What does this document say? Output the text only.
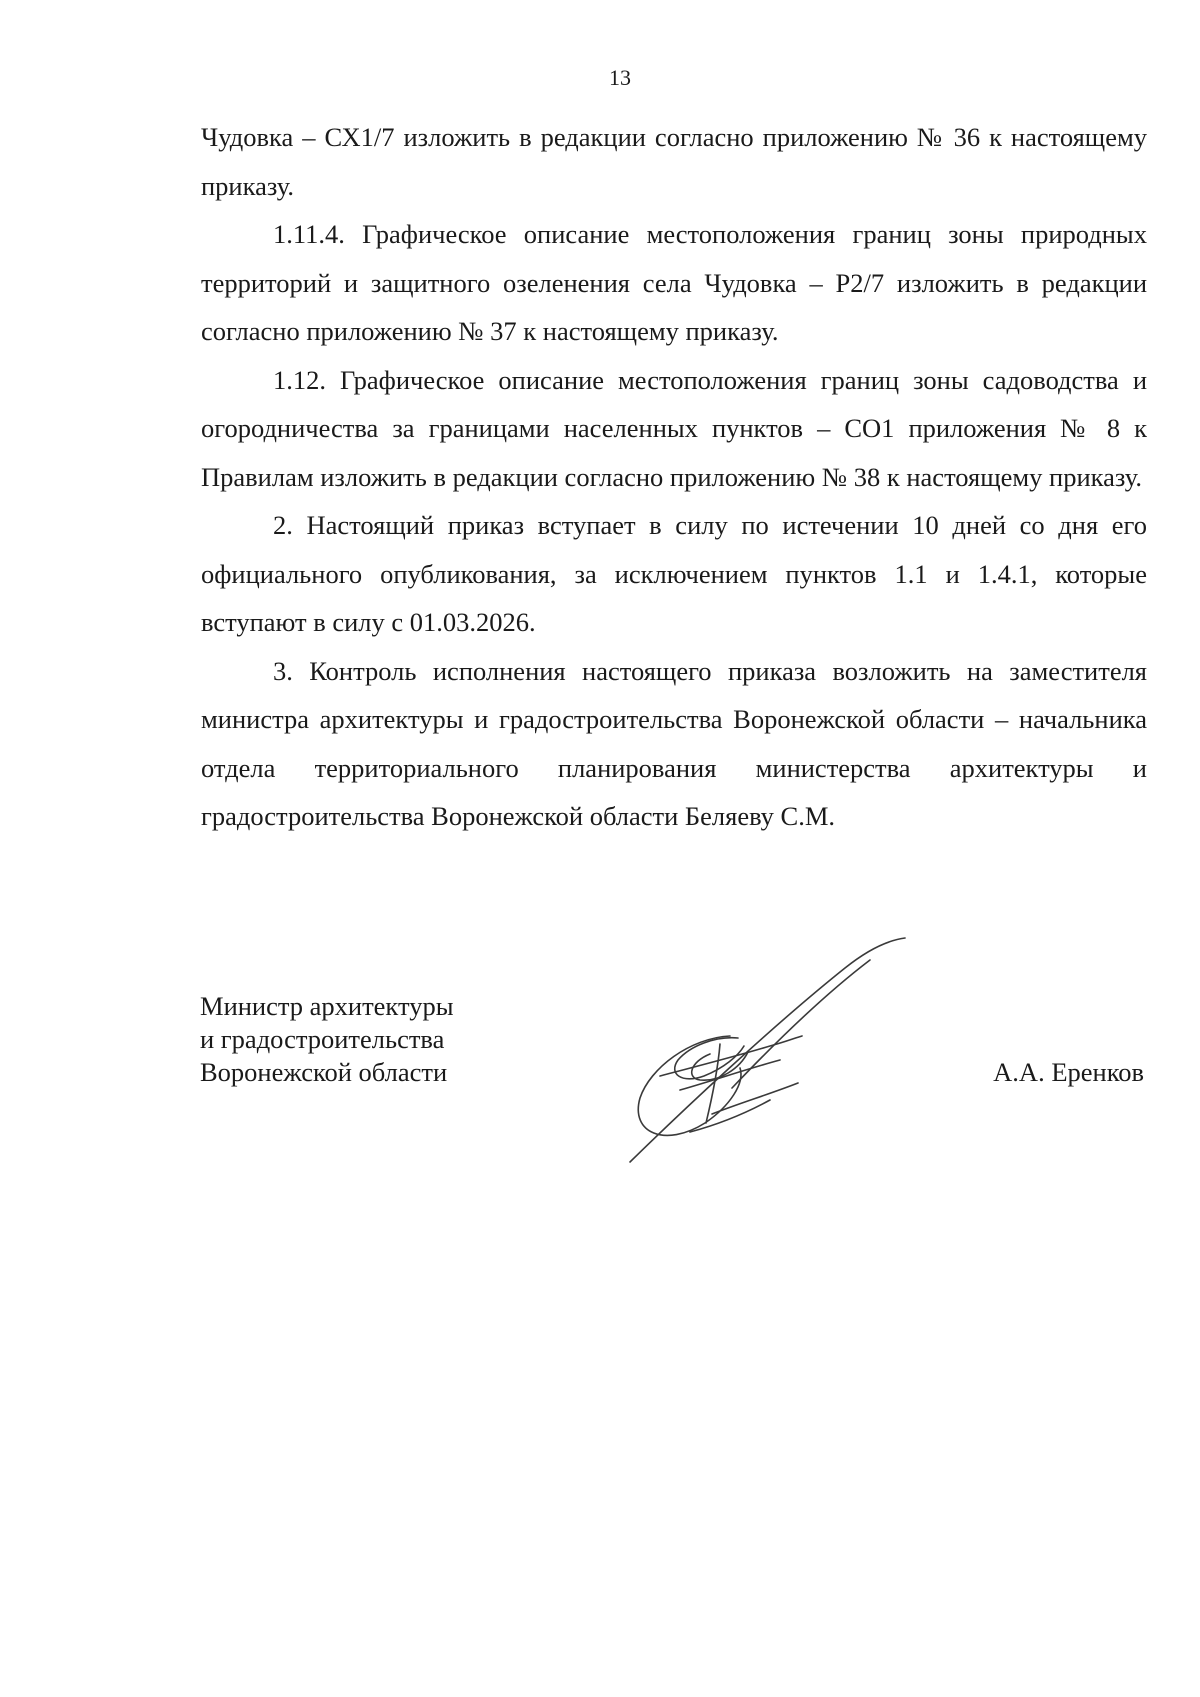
13

Чудовка – СХ1/7 изложить в редакции согласно приложению № 36 к настоящему приказу.

1.11.4. Графическое описание местоположения границ зоны природных территорий и защитного озеленения села Чудовка – Р2/7 изложить в редакции согласно приложению № 37 к настоящему приказу.

1.12. Графическое описание местоположения границ зоны садоводства и огородничества за границами населенных пунктов – СО1 приложения № 8 к Правилам изложить в редакции согласно приложению № 38 к настоящему приказу.

2. Настоящий приказ вступает в силу по истечении 10 дней со дня его официального опубликования, за исключением пунктов 1.1 и 1.4.1, которые вступают в силу с 01.03.2026.

3. Контроль исполнения настоящего приказа возложить на заместителя министра архитектуры и градостроительства Воронежской области – начальника отдела территориального планирования министерства архитектуры и градостроительства Воронежской области Беляеву С.М.

Министр архитектуры
и градостроительства
Воронежской области	А.А. Еренков
